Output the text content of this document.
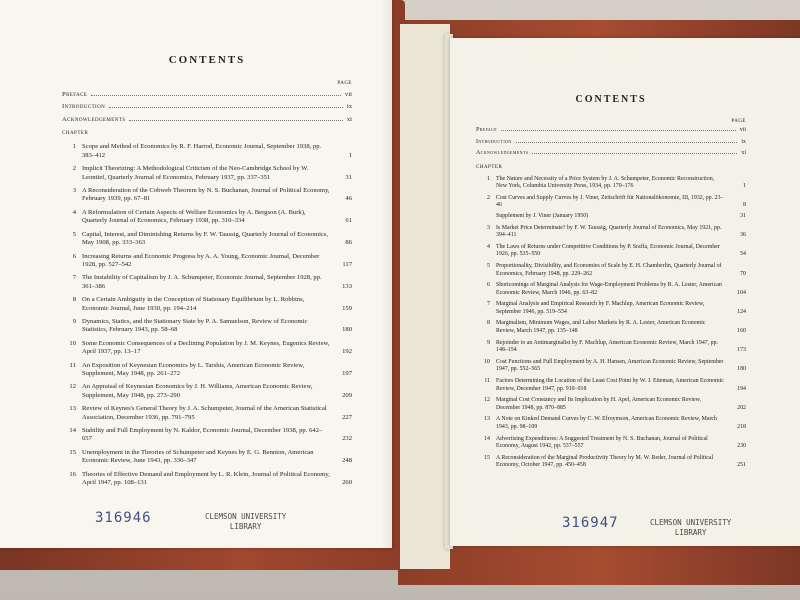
CONTENTS
PAGE
Preface	vii
Introduction	ix
Acknowledgements	xi
CHAPTER
1 Scope and Method of Economics by R. F. Harrod, Economic Journal, September 1938, pp. 383–412	1
2 Implicit Theorizing: A Methodological Criticism of the Neo-Cambridge School by W. Leontief, Quarterly Journal of Economics, February 1937, pp. 337–351	31
3 A Reconsideration of the Cobweb Theorem by N. S. Buchanan, Journal of Political Economy, February 1939, pp. 67–81	46
4 A Reformulation of Certain Aspects of Welfare Economics by A. Bergson (A. Burk), Quarterly Journal of Economics, February 1938, pp. 310–334	61
5 Capital, Interest, and Diminishing Returns by F. W. Taussig, Quarterly Journal of Economics, May 1908, pp. 333–363	86
6 Increasing Returns and Economic Progress by A. A. Young, Economic Journal, December 1928, pp. 527–542	117
7 The Instability of Capitalism by J. A. Schumpeter, Economic Journal, September 1928, pp. 361–386	133
8 On a Certain Ambiguity in the Conception of Stationary Equilibrium by L. Robbins, Economic Journal, June 1930, pp. 194–214	159
9 Dynamics, Statics, and the Stationary State by P. A. Samuelson, Review of Economic Statistics, February 1943, pp. 58–68	180
10 Some Economic Consequences of a Declining Population by J. M. Keynes, Eugenics Review, April 1937, pp. 13–17	192
11 An Exposition of Keynesian Economics by L. Tarshis, American Economic Review, Supplement, May 1948, pp. 261–272	197
12 An Appraisal of Keynesian Economics by J. H. Williams, American Economic Review, Supplement, May 1948, pp. 273–290	209
13 Review of Keynes's General Theory by J. A. Schumpeter, Journal of the American Statistical Association, December 1936, pp. 791–795	227
14 Stability and Full Employment by N. Kaldor, Economic Journal, December 1938, pp. 642–657	232
15 Unemployment in the Theories of Schumpeter and Keynes by E. G. Bennion, American Economic Review, June 1943, pp. 336–347	248
16 Theories of Effective Demand and Employment by L. R. Klein, Journal of Political Economy, April 1947, pp. 108–131	260
CONTENTS
PAGE
Preface	vii
Introduction	ix
Acknowledgements	xi
CHAPTER
1	The Nature and Necessity of a Price System by J. A. Schumpeter, Economic Reconstruction, New York, Columbia University Press, 1934, pp. 170–176	1
2	Cost Curves and Supply Curves by J. Viner, Zeitschrift für Nationalökonomie, III, 1932, pp. 23–46	8
Supplement by J. Viner (January 1950)	31
3	Is Market Price Determinate? by F. W. Taussig, Quarterly Journal of Economics, May 1921, pp. 394–411	36
4	The Laws of Returns under Competitive Conditions by P. Sraffa, Economic Journal, December 1926, pp. 535–550	54
5	Proportionality, Divisibility, and Economies of Scale by E. H. Chamberlin, Quarterly Journal of Economics, February 1948, pp. 229–262	70
6	Shortcomings of Marginal Analysis for Wage-Employment Problems by R. A. Lester, American Economic Review, March 1946, pp. 63–82	104
7	Marginal Analysis and Empirical Research by F. Machlup, American Economic Review, September 1946, pp. 519–554	124
8	Marginalism, Minimum Wages, and Labor Markets by R. A. Lester, American Economic Review, March 1947, pp. 135–148	160
9	Rejoinder to an Antimarginalist by F. Machlup, American Economic Review, March 1947, pp. 148–154	173
10	Cost Functions and Full Employment by A. H. Hansen, American Economic Review, September 1947, pp. 552–565	180
11	Factors Determining the Location of the Least Cost Point by W. J. Eiteman, American Economic Review, December 1947, pp. 910–918	194
12	Marginal Cost Constancy and Its Implication by H. Apel, American Economic Review, December 1948, pp. 870–885	202
13	A Note on Kinked Demand Curves by C. W. Efroymson, American Economic Review, March 1943, pp. 98–109	218
14	Advertising Expenditures: A Suggested Treatment by N. S. Buchanan, Journal of Political Economy, August 1942, pp. 537–557	230
15	A Reconsideration of the Marginal Productivity Theory by M. W. Reder, Journal of Political Economy, October 1947, pp. 450–458	251
316946	CLEMSON UNIVERSITY
LIBRARY	316947	CLEMSON UNIVERSITY
LIBRARY
